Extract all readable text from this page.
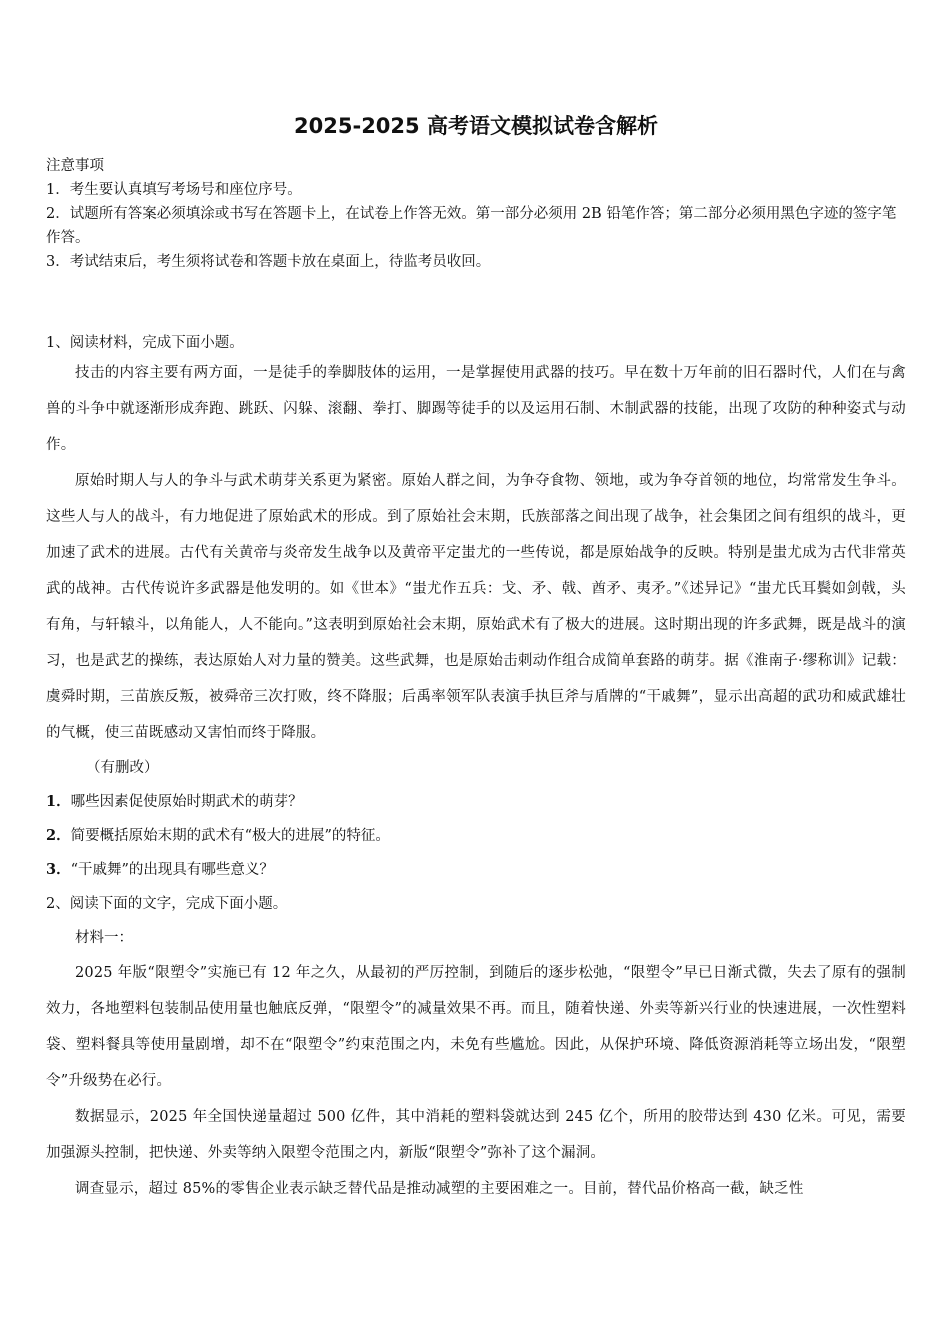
2025-2025 高考语文模拟试卷含解析

注意事项

1．考生要认真填写考场号和座位序号。

2．试题所有答案必须填涂或书写在答题卡上，在试卷上作答无效。第一部分必须用 2B 铅笔作答；第二部分必须用黑色字迹的签字笔作答。

3．考试结束后，考生须将试卷和答题卡放在桌面上，待监考员收回。

1、阅读材料，完成下面小题。

技击的内容主要有两方面，一是徒手的拳脚肢体的运用，一是掌握使用武器的技巧。早在数十万年前的旧石器时代，人们在与禽兽的斗争中就逐渐形成奔跑、跳跃、闪躲、滚翻、拳打、脚踢等徒手的以及运用石制、木制武器的技能，出现了攻防的种种姿式与动作。

原始时期人与人的争斗与武术萌芽关系更为紧密。原始人群之间，为争夺食物、领地，或为争夺首领的地位，均常常发生争斗。这些人与人的战斗，有力地促进了原始武术的形成。到了原始社会末期，氏族部落之间出现了战争，社会集团之间有组织的战斗，更加速了武术的进展。古代有关黄帝与炎帝发生战争以及黄帝平定蚩尤的一些传说，都是原始战争的反映。特别是蚩尤成为古代非常英武的战神。古代传说许多武器是他发明的。如《世本》“蚩尤作五兵：戈、矛、戟、酋矛、夷矛。”《述异记》“蚩尤氏耳鬓如剑戟，头有角，与轩辕斗，以角能人，人不能向。”这表明到原始社会末期，原始武术有了极大的进展。这时期出现的许多武舞，既是战斗的演习，也是武艺的操练，表达原始人对力量的赞美。这些武舞，也是原始击刺动作组合成简单套路的萌芽。据《淮南子·缪称训》记载：虞舜时期，三苗族反叛，被舜帝三次打败，终不降服；后禹率领军队表演手执巨斧与盾牌的“干戚舞”，显示出高超的武功和威武雄壮的气概，使三苗既感动又害怕而终于降服。

（有删改）

1．哪些因素促使原始时期武术的萌芽？

2．简要概括原始末期的武术有“极大的进展”的特征。

3．“干戚舞”的出现具有哪些意义？

2、阅读下面的文字，完成下面小题。

材料一：

2025 年版“限塑令”实施已有 12 年之久，从最初的严厉控制，到随后的逐步松弛，“限塑令”早已日渐式微，失去了原有的强制效力，各地塑料包装制品使用量也触底反弹，“限塑令”的减量效果不再。而且，随着快递、外卖等新兴行业的快速进展，一次性塑料袋、塑料餐具等使用量剧增，却不在“限塑令”约束范围之内，未免有些尴尬。因此，从保护环境、降低资源消耗等立场出发，“限塑令”升级势在必行。

数据显示，2025 年全国快递量超过 500 亿件，其中消耗的塑料袋就达到 245 亿个，所用的胶带达到 430 亿米。可见，需要加强源头控制，把快递、外卖等纳入限塑令范围之内，新版“限塑令”弥补了这个漏洞。

调查显示，超过 85%的零售企业表示缺乏替代品是推动减塑的主要困难之一。目前，替代品价格高一截，缺乏性
